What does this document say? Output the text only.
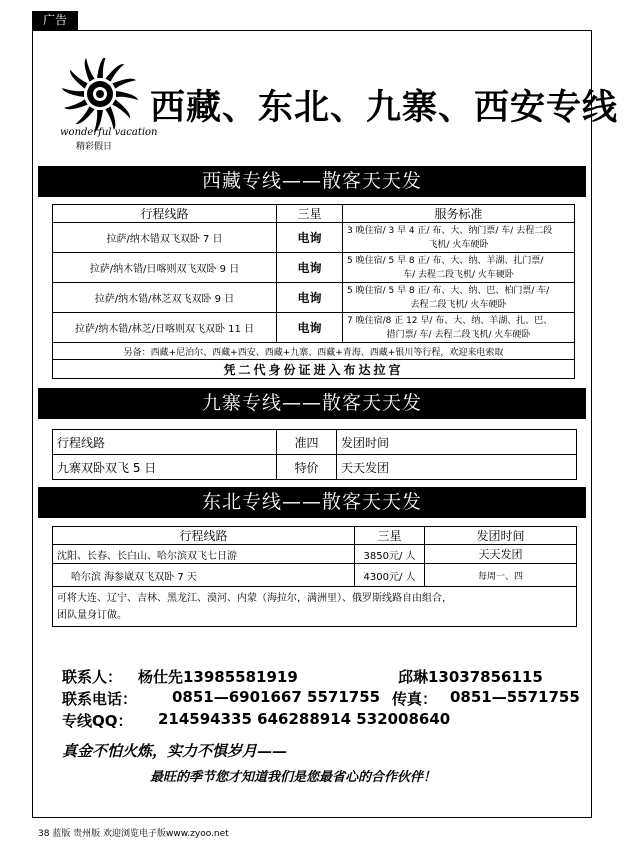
广告
wonderful vacation
精彩假日
西藏、东北、九寨、西安专线
西藏专线——散客天天发
行程线路	三星	服务标准
拉萨/纳木错双飞双卧 7 日	电询	3 晚住宿/ 3 早 4 正/ 布、大、纳门票/ 车/ 去程二段
飞机/ 火车硬卧

拉萨/纳木错/日喀则双飞双卧 9 日	电询	5 晚住宿/ 5 早 8 正/ 布、大、纳、羊湖、扎门票/
车/ 去程二段飞机/ 火车硬卧

拉萨/纳木错/林芝双飞双卧 9 日	电询	5 晚住宿/ 5 早 8 正/ 布、大、纳、巴、柏门票/ 车/
去程二段飞机/ 火车硬卧

拉萨/纳木错/林芝/日喀则双飞双卧 11 日	电询	7 晚住宿/8 正 12 早/ 布、大、纳、羊湖、扎、巴、
措门票/ 车/ 去程二段飞机/ 火车硬卧

另备：西藏+尼泊尔、西藏+西安、西藏+九寨、西藏+青海、西藏+银川等行程，欢迎来电索取		
凭二代身份证进入布达拉宫		
九寨专线——散客天天发
行程线路	准四	发团时间
九寨双卧双飞 5 日	特价	天天发团
东北专线——散客天天发
行程线路	三星	发团时间
沈阳、长春、长白山、哈尔滨双飞七日游	3850元/ 人	天天发团
哈尔滨 海参崴双飞双卧 7 天	4300元/ 人	每周一、四

可将大连、辽宁、吉林、黑龙江、漠河、内蒙（海拉尔，满洲里）、俄罗斯线路自由组合，
团队量身订做。		
联系人： 杨仕先13985581919	邱琳13037856115
联系电话： 0851—6901667 5571755 传真： 0851—5571755
专线QQ： 214594335 646288914 532008640
真金不怕火炼，实力不惧岁月——
最旺的季节您才知道我们是您最省心的合作伙伴！
38 蓝版 贵州版 欢迎浏览电子版www.zyoo.net
